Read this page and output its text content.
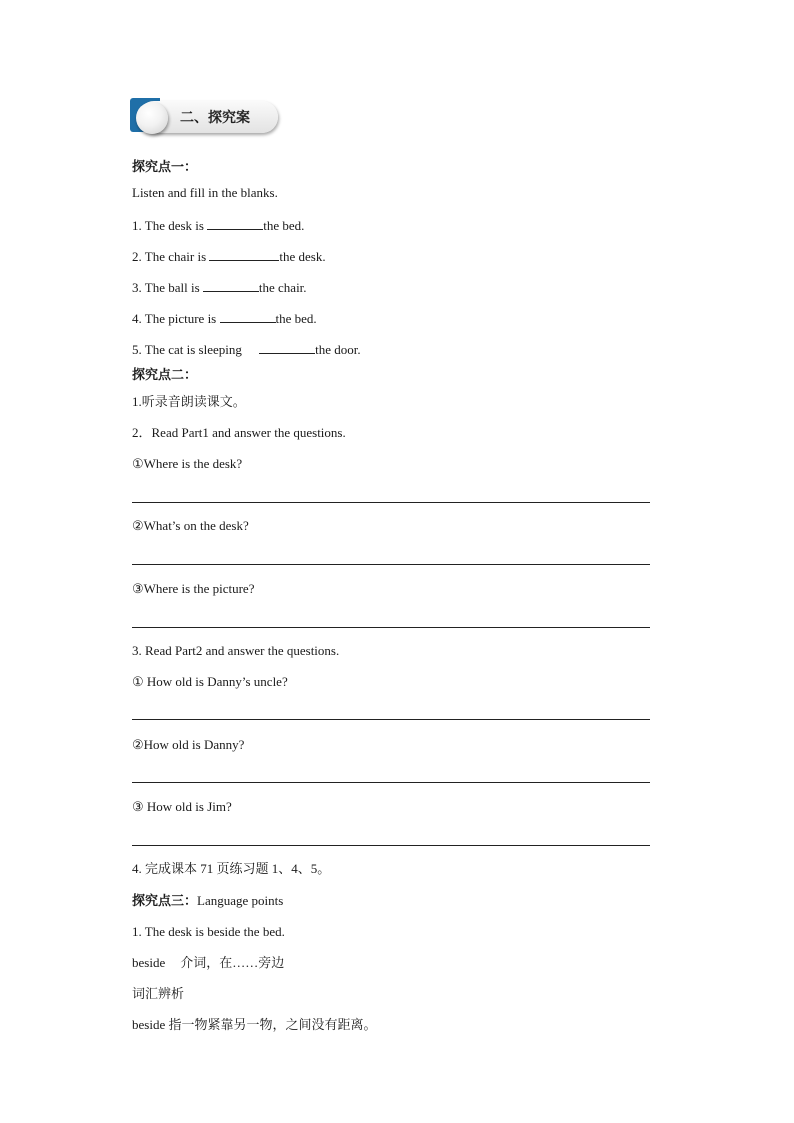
二、探究案
探究点一：
Listen and fill in the blanks.
1. The desk is	the bed.
2. The chair is	the desk.
3. The ball is	the chair.
4. The picture is	the bed.
5. The cat is sleeping	the door.
探究点二：
1.听录音朗读课文。
2．Read Part1 and answer the questions.
①Where is the desk?
②What’s on the desk?
③Where is the picture?
3. Read Part2 and answer the questions.
① How old is Danny’s uncle?
②How old is Danny?
③ How old is Jim?
4. 完成课本 71 页练习题 1、4、5。
探究点三：Language points
1. The desk is beside the bed.
beside 介词，在……旁边
词汇辨析
beside 指一物紧靠另一物，之间没有距离。
